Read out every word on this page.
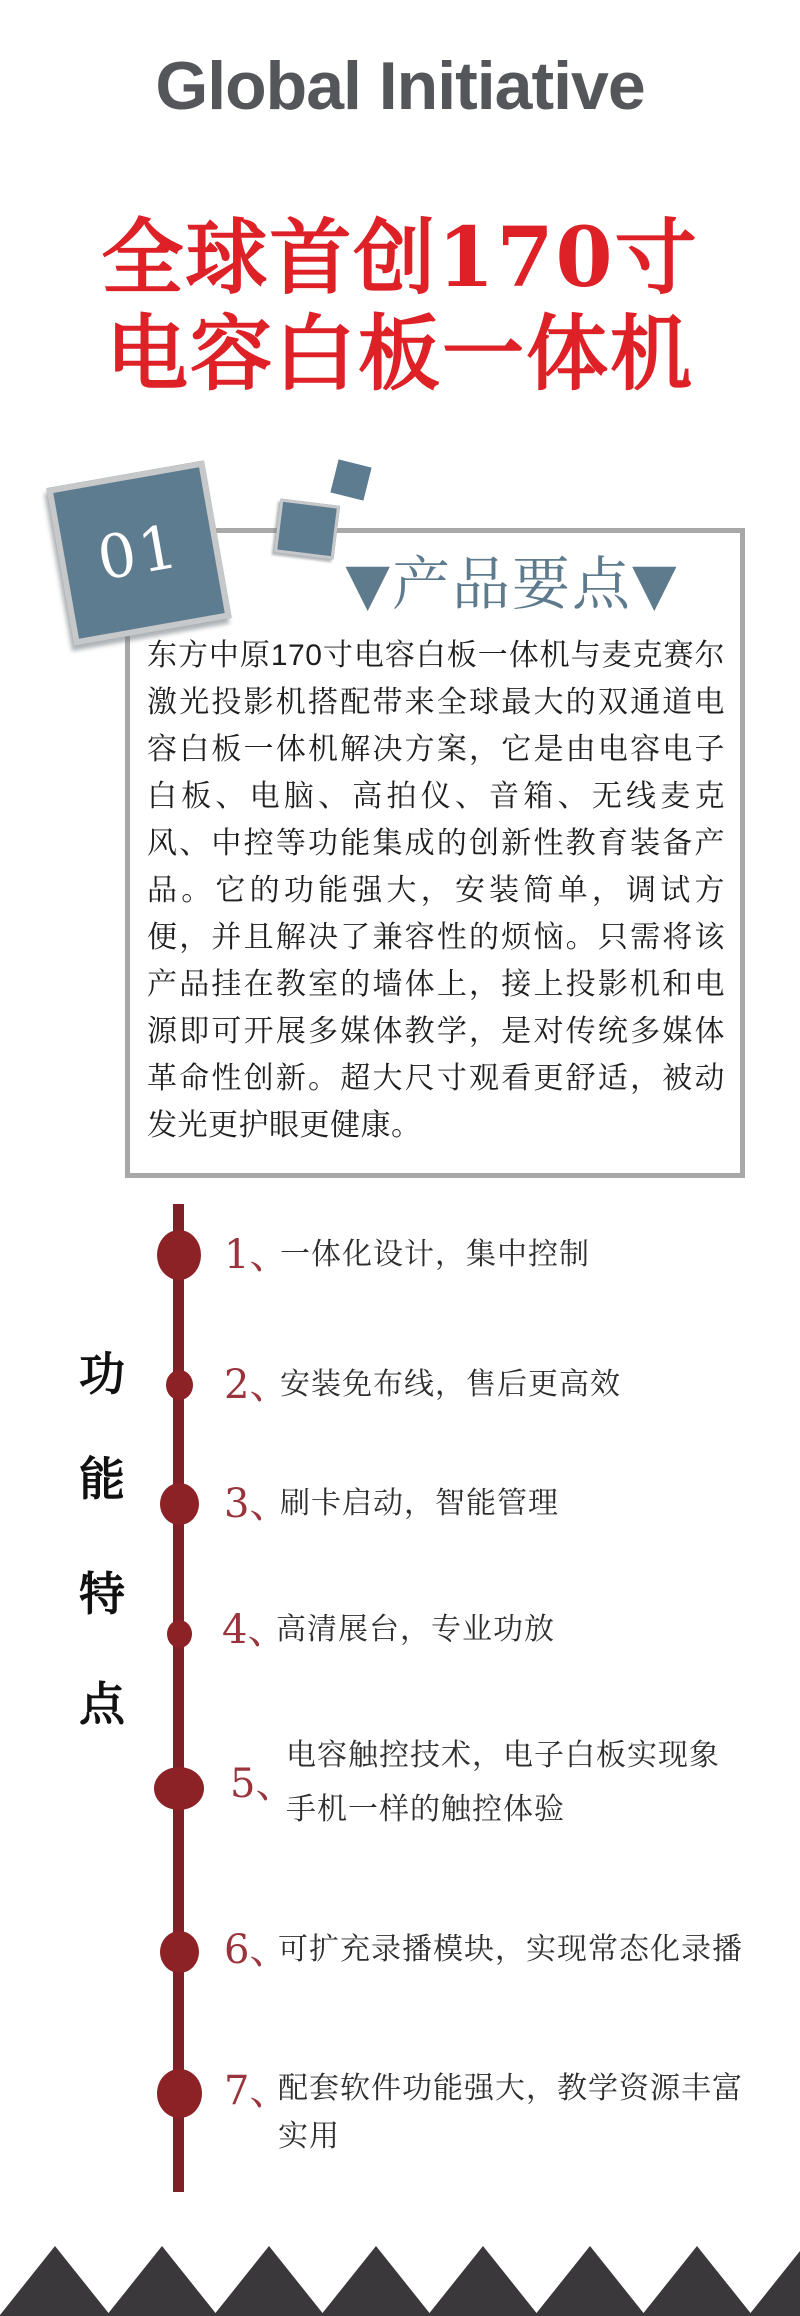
Global Initiative
全球首创170寸
电容白板一体机
▼产品要点▼
东方中原170寸电容白板一体机与麦克赛尔激光投影机搭配带来全球最大的双通道电容白板一体机解决方案，它是由电容电子白板、电脑、高拍仪、音箱、无线麦克风、中控等功能集成的创新性教育装备产品。它的功能强大，安装简单，调试方便，并且解决了兼容性的烦恼。只需将该产品挂在教室的墙体上，接上投影机和电源即可开展多媒体教学，是对传统多媒体革命性创新。超大尺寸观看更舒适，被动发光更护眼更健康。
01
功
能
特
点
1、
一体化设计，集中控制
2、
安装免布线，售后更高效
3、
刷卡启动，智能管理
4、
高清展台，专业功放
5、
电容触控技术，电子白板实现象手机一样的触控体验
6、
可扩充录播模块，实现常态化录播
7、
配套软件功能强大，教学资源丰富实用
